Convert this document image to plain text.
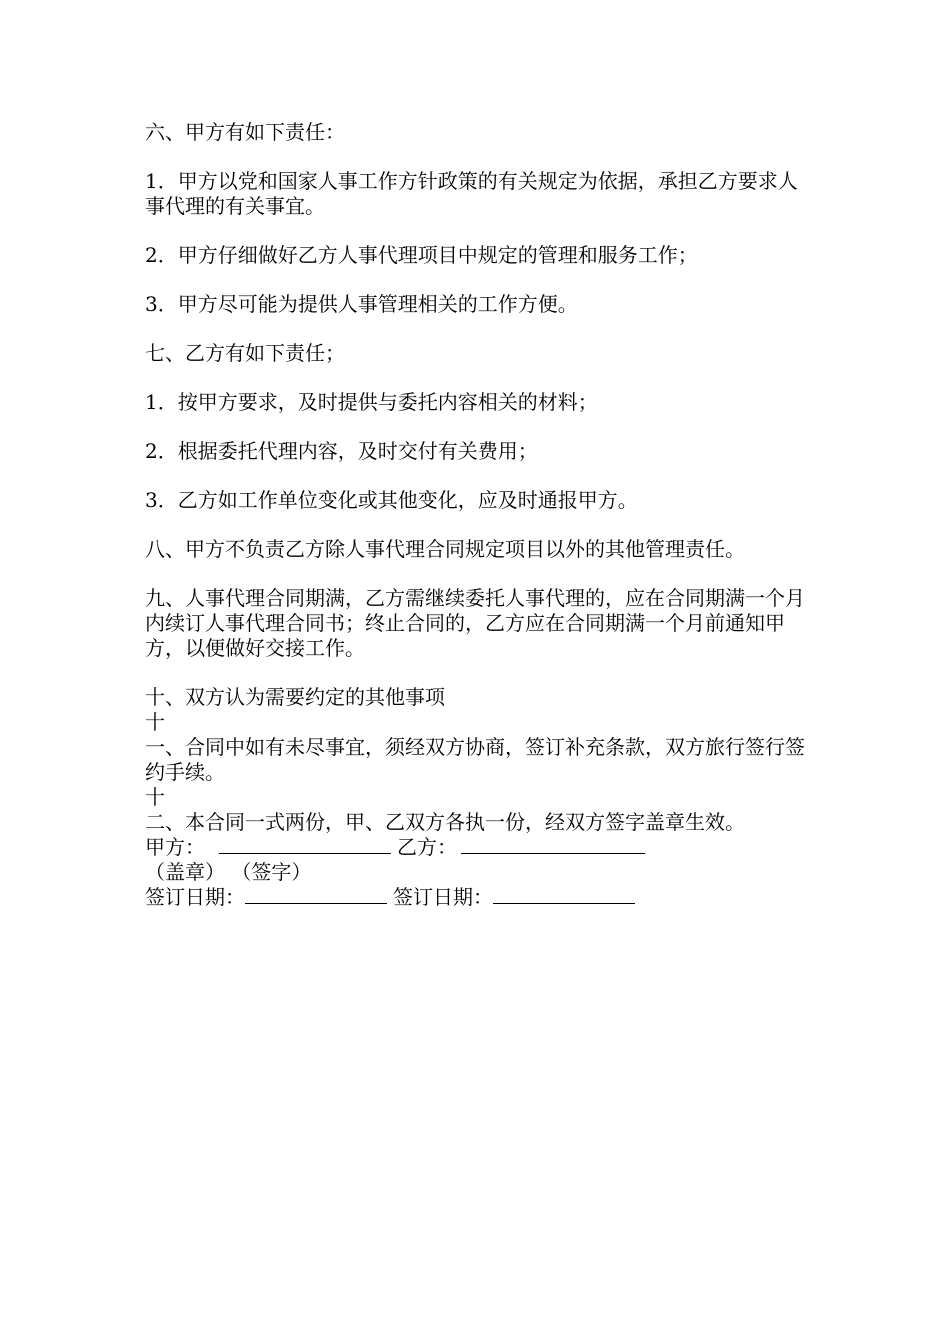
六、甲方有如下责任：

1．甲方以党和国家人事工作方针政策的有关规定为依据，承担乙方要求人事代理的有关事宜。

2．甲方仔细做好乙方人事代理项目中规定的管理和服务工作；

3．甲方尽可能为提供人事管理相关的工作方便。

七、乙方有如下责任；

1．按甲方要求，及时提供与委托内容相关的材料；

2．根据委托代理内容，及时交付有关费用；

3．乙方如工作单位变化或其他变化，应及时通报甲方。

八、甲方不负责乙方除人事代理合同规定项目以外的其他管理责任。

九、人事代理合同期满，乙方需继续委托人事代理的，应在合同期满一个月内续订人事代理合同书；终止合同的，乙方应在合同期满一个月前通知甲方，以便做好交接工作。

十、双方认为需要约定的其他事项

十

一、合同中如有未尽事宜，须经双方协商，签订补充条款，双方旅行签行签约手续。

十

二、本合同一式两份，甲、乙双方各执一份，经双方签字盖章生效。

甲方：	乙方：
（盖章） （签字）
签订日期：	签订日期：
